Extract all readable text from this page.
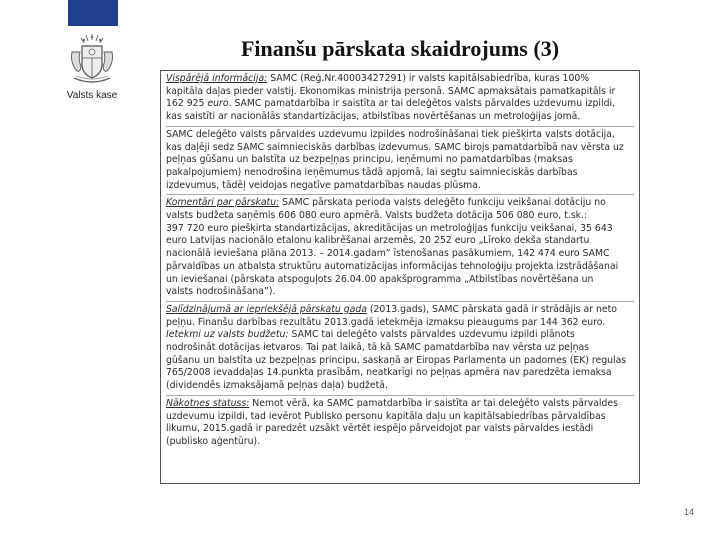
Valsts kase
Finanšu pārskata skaidrojums (3)
Vispārējā informācija: SAMC (Reģ.Nr.40003427291) ir valsts kapitālsabiedrība, kuras 100%
kapitāla daļas pieder valstij. Ekonomikas ministrija personā. SAMC apmaksātais pamatkapitāls ir
162 925 euro. SAMC pamatdarbība ir saistīta ar tai deleģētos valsts pārvaldes uzdevumu izpildi,
kas saistīti ar nacionālās standartizācijas, atbilstības novērtēšanas un metroloģijas jomā.
SAMC deleģēto valsts pārvaldes uzdevumu izpildes nodrošināšanai tiek piešķirta valsts dotācija,
kas daļēji sedz SAMC saimnieciskās darbības izdevumus. SAMC birojs pamatdarbībā nav vērsta uz
peļņas gūšanu un balstīta uz bezpeļņas principu, ieņēmumi no pamatdarbības (maksas
pakalpojumiem) nenodrošina ieņēmumus tādā apjomā, lai segtu saimnieciskās darbības
izdevumus, tādēļ veidojas negatīve pamatdarbības naudas plūsma.
Komentāri par pārskatu: SAMC pārskata perioda valsts deleģēto funkciju veikšanai dotāciju no
valsts budžeta saņēmis 606 080 euro apmērā. Valsts budžeta dotācija 506 080 euro, t.sk.:
397 720 euro piešķirta standartizācijas, akreditācijas un metroloģijas funkciju veikšanai, 35 643
euro Latvijas nacionālo etalonu kalibrēšanai arzemēs, 20 252 euro „Līroko dekša standartu
nacionālā ieviešana plāna 2013. – 2014.gadam” īstenošanas pasākumiem, 142 474 euro SAMC
pārvaldības un atbalsta struktūru automatizācijas informācijas tehnoloģiju projekta izstrādāšanai
un ieviešanai (pārskata atspoguļots 26.04.00 apakšprogramma „Atbilstības novērtēšana un
valsts nodrošināšana”).
Salīdzinājumā ar iepriekšējā pārskatu gada (2013.gads), SAMC pārskata gadā ir strādājis ar neto
peļņu. Finanšu darbības rezultātu 2013.gadā ietekmēja izmaksu pieaugums par 144 362 euro.
Ietekmi uz valsts budžetu: SAMC tai deleģēto valsts pārvaldes uzdevumu izpildi plānots
nodrošināt dotācijas ietvaros. Tai pat laikā, tā kā SAMC pamatdarbība nav vērsta uz peļņas
gūšanu un balstīta uz bezpeļņas principu, saskaņā ar Eiropas Parlamenta un padomes (EK) regulas
765/2008 ievaddaļas 14.punkta prasībām, neatkarīgi no peļņas apmēra nav paredzēta iemaksa
(dividendēs izmaksājamā peļņas daļa) budžetā.
Nākotnes statuss: Nemot vērā, ka SAMC pamatdarbība ir saistīta ar tai deleģēto valsts pārvaldes
uzdevumu izpildi, tad ievērot Publisko personu kapitāla daļu un kapitālsabiedrības pārvaldības
likumu, 2015.gadā ir paredzēt uzsākt vērtēt iespējo pārveidojot par valsts pārvaldes iestādi
(publisko aģentūru).
14
